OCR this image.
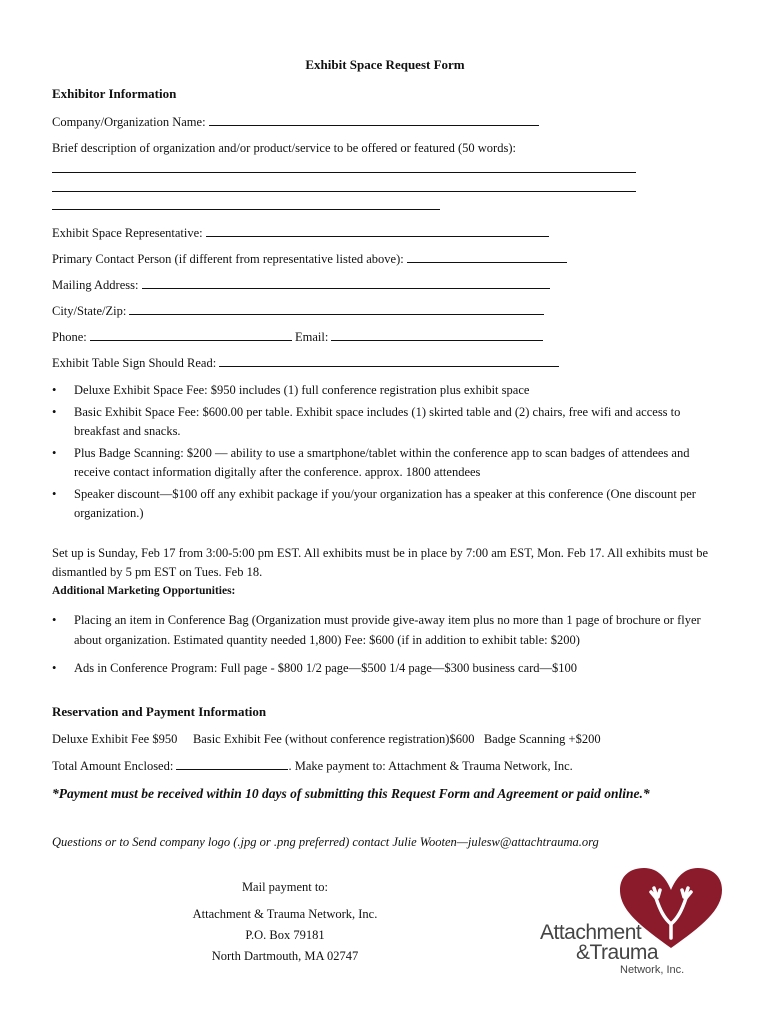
Exhibit Space Request Form
Exhibitor Information
Company/Organization Name:
Brief description of organization and/or product/service to be offered or featured (50 words):
Exhibit Space Representative:
Primary Contact Person (if different from representative listed above):
Mailing Address:
City/State/Zip:
Phone:	Email:
Exhibit Table Sign Should Read:
• Deluxe Exhibit Space Fee: $950 includes (1) full conference registration plus exhibit space
• Basic Exhibit Space Fee: $600.00 per table. Exhibit space includes (1) skirted table and (2) chairs, free wifi and access to breakfast and snacks.
• Plus Badge Scanning: $200 — ability to use a smartphone/tablet within the conference app to scan badges of attendees and receive contact information digitally after the conference. approx. 1800 attendees
• Speaker discount—$100 off any exhibit package if you/your organization has a speaker at this conference (One discount per organization.)
Set up is Sunday, Feb 17 from 3:00-5:00 pm EST. All exhibits must be in place by 7:00 am EST, Mon. Feb 17. All exhibits must be dismantled by 5 pm EST on Tues. Feb 18.
Additional Marketing Opportunities:
• Placing an item in Conference Bag (Organization must provide give-away item plus no more than 1 page of brochure or flyer about organization. Estimated quantity needed 1,800) Fee: $600 (if in addition to exhibit table: $200)
• Ads in Conference Program: Full page - $800 1/2 page—$500 1/4 page—$300 business card—$100
Reservation and Payment Information
Deluxe Exhibit Fee $950     Basic Exhibit Fee (without conference registration)$600   Badge Scanning +$200
Total Amount Enclosed:	. Make payment to: Attachment & Trauma Network, Inc.
*Payment must be received within 10 days of submitting this Request Form and Agreement or paid online.*
Questions or to Send company logo (.jpg or .png preferred) contact Julie Wooten—julesw@attachtrauma.org
Mail payment to:
Attachment & Trauma Network, Inc.
P.O. Box 79181
North Dartmouth, MA 02747
Attachment
&Trauma
Network, Inc.
